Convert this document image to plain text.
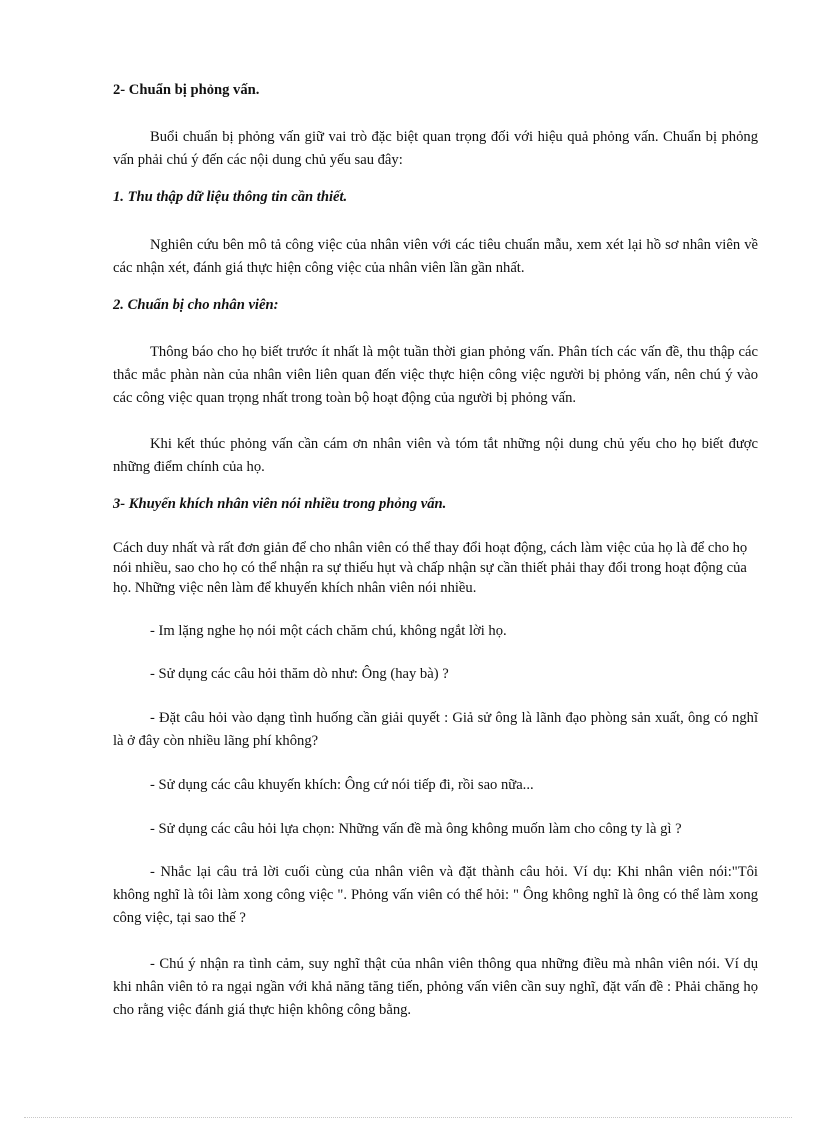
2- Chuẩn bị phỏng vấn.

Buổi chuẩn bị phỏng vấn giữ vai trò đặc biệt quan trọng đối với hiệu quả phỏng vấn. Chuẩn bị phỏng vấn phải chú ý đến các nội dung chủ yếu sau đây:

1. Thu thập dữ liệu thông tin cần thiết.

Nghiên cứu bên mô tả công việc của nhân viên với các tiêu chuẩn mẫu, xem xét lại hồ sơ nhân viên về các nhận xét, đánh giá thực hiện công việc của nhân viên lần gần nhất.

2. Chuẩn bị cho nhân viên:

Thông báo cho họ biết trước ít nhất là một tuần thời gian phỏng vấn. Phân tích các vấn đề, thu thập các thắc mắc phàn nàn của nhân viên liên quan đến việc thực hiện công việc người bị phỏng vấn, nên chú ý vào các công việc quan trọng nhất trong toàn bộ hoạt động của người bị phỏng vấn.

Khi kết thúc phỏng vấn cần cám ơn nhân viên và tóm tắt những nội dung chủ yếu cho họ biết được những điểm chính của họ.

3- Khuyến khích nhân viên nói nhiều trong phỏng vấn.

Cách duy nhất và rất đơn giản để cho nhân viên có thể thay đổi hoạt động, cách làm việc của họ là để cho họ nói nhiều, sao cho họ có thể nhận ra sự thiếu hụt và chấp nhận sự cần thiết phải thay đổi trong hoạt động của họ. Những việc nên làm để khuyến khích nhân viên nói nhiều.

- Im lặng nghe họ nói một cách chăm chú, không ngắt lời họ.

- Sử dụng các câu hỏi thăm dò như: Ông (hay bà) ?

- Đặt câu hỏi vào dạng tình huống cần giải quyết : Giả sử ông là lãnh đạo phòng sản xuất, ông có nghĩ là ở đây còn nhiều lãng phí không?

- Sử dụng các câu khuyến khích: Ông cứ nói tiếp đi, rồi sao nữa...

- Sử dụng các câu hỏi lựa chọn: Những vấn đề mà ông không muốn làm cho công ty là gì ?

- Nhắc lại câu trả lời cuối cùng của nhân viên và đặt thành câu hỏi. Ví dụ: Khi nhân viên nói:"Tôi không nghĩ là tôi làm xong công việc ". Phỏng vấn viên có thể hỏi: " Ông không nghĩ là ông có thể làm xong công việc, tại sao thế ?

- Chú ý nhận ra tình cảm, suy nghĩ thật của nhân viên thông qua những điều mà nhân viên nói. Ví dụ khi nhân viên tỏ ra ngại ngần với khả năng tăng tiến, phỏng vấn viên cần suy nghĩ, đặt vấn đề : Phải chăng họ cho rằng việc đánh giá thực hiện không công bằng.
